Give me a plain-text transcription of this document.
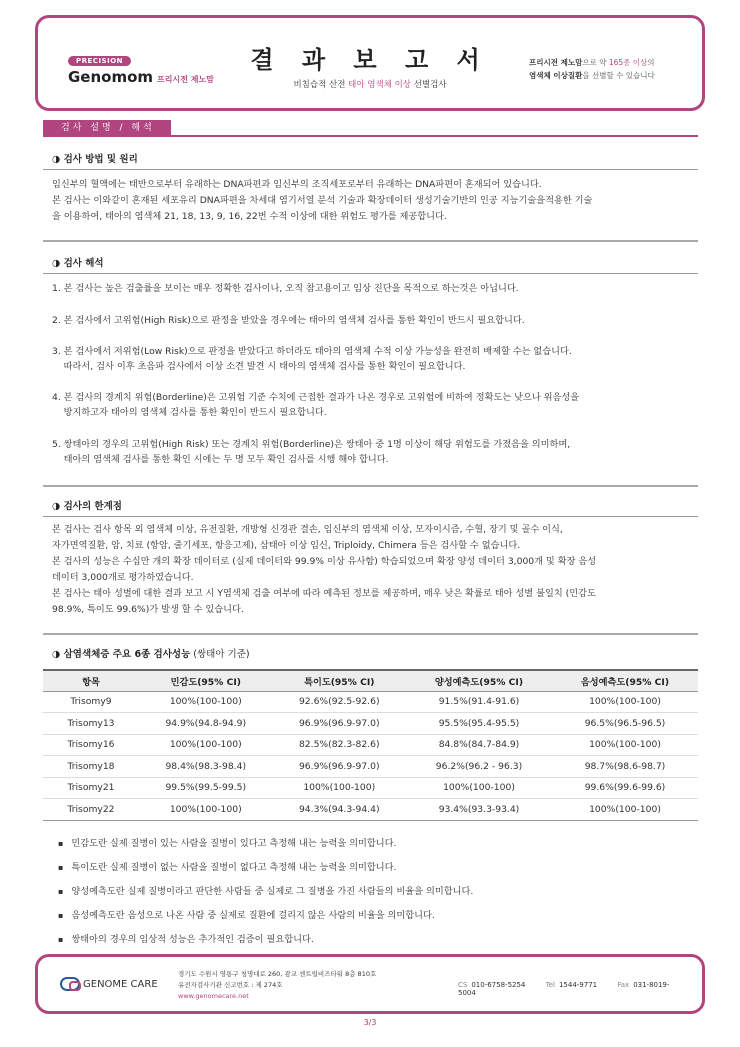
PRECISION
Genomom 프리시전 제노맘
결 과 보 고 서
비침습적 산전 태아 염색체 이상 선별검사
프리시전 제노맘으로 약 165종 이상의
염색체 이상질환을 선별할 수 있습니다
검사 설명 / 해석
◑ 검사 방법 및 원리
임신부의 혈액에는 태반으로부터 유래하는 DNA파편과 임신부의 조직세포로부터 유래하는 DNA파편이 혼재되어 있습니다.
본 검사는 이와같이 혼재된 세포유리 DNA파편을 차세대 염기서열 분석 기술과 확장데이터 생성기술기반의 인공 지능기술을적용한 기술
을 이용하여, 태아의 염색체 21, 18, 13, 9, 16, 22번 수적 이상에 대한 위험도 평가를 제공합니다.
◑ 검사 해석
1. 본 검사는 높은 검출률을 보이는 매우 정확한 검사이나, 오직 참고용이고 임상 진단을 목적으로 하는것은 아닙니다.
2. 본 검사에서 고위험(High Risk)으로 판정을 받았을 경우에는 태아의 염색체 검사를 통한 확인이 반드시 필요합니다.
3. 본 검사에서 저위험(Low Risk)으로 판정을 받았다고 하더라도 태아의 염색체 수적 이상 가능성을 완전히 배제할 수는 없습니다.
따라서, 검사 이후 초음파 검사에서 이상 소견 발견 시 태아의 염색체 검사를 통한 확인이 필요합니다.
4. 본 검사의 경계치 위험(Borderline)은 고위험 기준 수치에 근접한 결과가 나온 경우로 고위험에 비하여 정확도는 낮으나 위음성을
방지하고자 태아의 염색체 검사를 통한 확인이 반드시 필요합니다.
5. 쌍태아의 경우의 고위험(High Risk) 또는 경계치 위험(Borderline)은 쌍태아 중 1명 이상이 해당 위험도를 가졌음을 의미하며,
태아의 염색체 검사를 통한 확인 시에는 두 명 모두 확인 검사를 시행 해야 합니다.
◑ 검사의 한계점
본 검사는 검사 항목 외 염색체 이상, 유전질환, 개방형 신경관 결손, 임신부의 염색체 이상, 모자이시즘, 수혈, 장기 및 골수 이식,
자가면역질환, 암, 치료 (항암, 줄기세포, 항응고제), 삼태아 이상 임신, Triploidy, Chimera 등은 검사할 수 없습니다.
본 검사의 성능은 수십만 개의 확장 데이터로 (실제 데이터와 99.9% 이상 유사함) 학습되었으며 확장 양성 데이터 3,000개 및 확장 음성
데이터 3,000개로 평가하였습니다.
본 검사는 태아 성별에 대한 결과 보고 시 Y염색체 검출 여부에 따라 예측된 정보를 제공하며, 매우 낮은 확률로 태아 성별 불일치 (민감도
98.9%, 특이도 99.6%)가 발생 할 수 있습니다.
◑ 삼염색체증 주요 6종 검사성능 (쌍태아 기준)
항목	민감도(95% CI)	특이도(95% CI)	양성예측도(95% CI)	음성예측도(95% CI)
Trisomy9	100%(100-100)	92.6%(92.5-92.6)	91.5%(91.4-91.6)	100%(100-100)
Trisomy13	94.9%(94.8-94.9)	96.9%(96.9-97.0)	95.5%(95.4-95.5)	96.5%(96.5-96.5)
Trisomy16	100%(100-100)	82.5%(82.3-82.6)	84.8%(84.7-84.9)	100%(100-100)
Trisomy18	98.4%(98.3-98.4)	96.9%(96.9-97.0)	96.2%(96.2 - 96.3)	98.7%(98.6-98.7)
Trisomy21	99.5%(99.5-99.5)	100%(100-100)	100%(100-100)	99.6%(99.6-99.6)
Trisomy22	100%(100-100)	94.3%(94.3-94.4)	93.4%(93.3-93.4)	100%(100-100)
▪ 민감도란 실제 질병이 있는 사람을 질병이 있다고 측정해 내는 능력을 의미합니다.
▪ 특이도란 실제 질병이 없는 사람을 질병이 없다고 측정해 내는 능력을 의미합니다.
▪ 양성예측도란 실제 질병이라고 판단한 사람들 중 실제로 그 질병을 가진 사람들의 비율을 의미합니다.
▪ 음성예측도란 음성으로 나온 사람 중 실제로 질환에 걸리지 않은 사람의 비율을 의미합니다.
▪ 쌍태아의 경우의 임상적 성능은 추가적인 검증이 필요합니다.
GENOME CARE
경기도 수원시 영통구 청명대로 260, 광교 센트럴비즈타워 8층 810호
유전자검사기관 신고번호 : 제 274호
www.genomecare.net
CS 010-6758-5254	Tel 1544-9771	Fax 031-8019-5004
3/3
